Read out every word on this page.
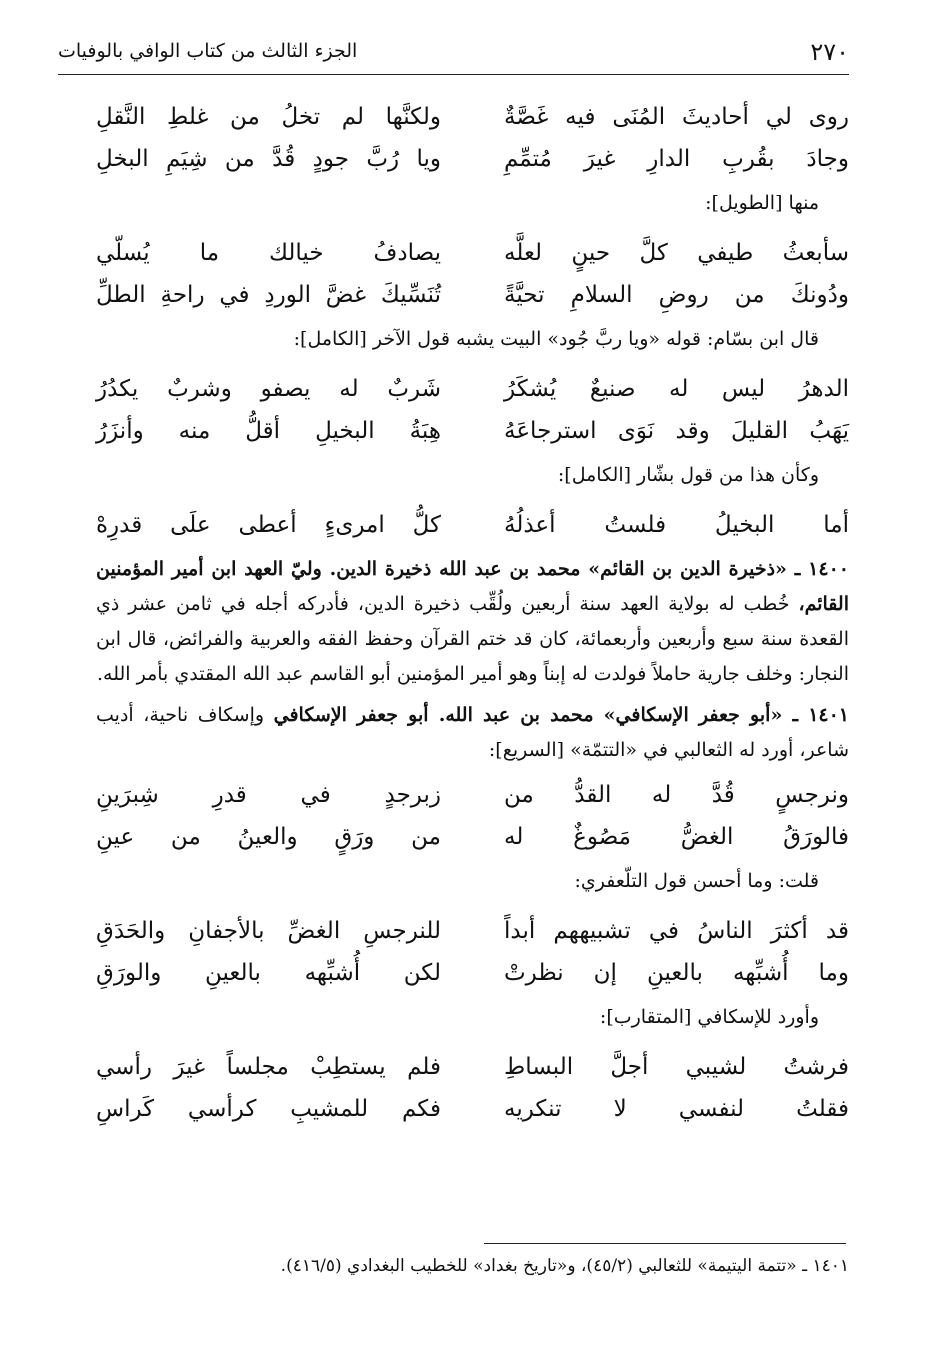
٢٧٠
الجزء الثالث من كتاب الوافي بالوفيات
روى لي أحاديثَ المُنَى فيه غَصَّةٌ
ولكنَّها لم تخلُ من غلطِ النَّقلِ
وجادَ بقُربِ الدارِ غيرَ مُتمِّمِ
ويا رُبَّ جودٍ قُدَّ من شِيَمِ البخلِ
منها [الطويل]:
سأبعثُ طيفي كلَّ حينٍ لعلَّه
يصادفُ خيالك ما يُسلّي
ودُونكَ من روضِ السلامِ تحيَّةً
تُنَسِّيكَ غضَّ الوردِ في راحةِ الطلِّ
قال ابن بسّام: قوله «ويا ربَّ جُود» البيت يشبه قول الآخر [الكامل]:
الدهرُ ليس له صنيعٌ يُشكَرُ
شَربٌ له يصفو وشربٌ يكدُرُ
يَهَبُ القليلَ وقد نَوَى استرجاعَهُ
هِبَةُ البخيلِ أقلُّ منه وأنزَرُ
وكأن هذا من قول بشّار [الكامل]:
أما البخيلُ فلستُ أعذلُهُ
كلُّ امرىءٍ أعطى علَى قدرِهْ
١٤٠٠ ـ «ذخيرة الدين بن القائم» محمد بن عبد الله ذخيرة الدين. وليّ العهد ابن أمير المؤمنين القائم، خُطب له بولاية العهد سنة أربعين ولُقِّب ذخيرة الدين، فأدركه أجله في ثامن عشر ذي القعدة سنة سبع وأربعين وأربعمائة، كان قد ختم القرآن وحفظ الفقه والعربية والفرائض، قال ابن النجار: وخلف جارية حاملاً فولدت له إبناً وهو أمير المؤمنين أبو القاسم عبد الله المقتدي بأمر الله.
١٤٠١ ـ «أبو جعفر الإسكافي» محمد بن عبد الله. أبو جعفر الإسكافي وإسكاف ناحية، أديب شاعر، أورد له الثعالبي في «التتمّة» [السريع]:
ونرجسٍ قُدَّ له القدُّ من
زبرجدٍ في قدرِ شِبرَينِ
فالورَقُ الغضُّ مَصُوغٌ له
من ورَقٍ والعينُ من عينِ
قلت: وما أحسن قول التلّعفري:
قد أكثرَ الناسُ في تشبيههم أبداً
للنرجسِ الغضِّ بالأجفانِ والحَدَقِ
وما أُشبِّهه بالعينِ إن نظرتْ
لكن أُشبِّهه بالعينِ والورَقِ
وأورد للإسكافي [المتقارب]:
فرشتُ لشيبي أجلَّ البساطِ
فلم يستطِبْ مجلساً غيرَ رأسي
فقلتُ لنفسي لا تنكريه
فكم للمشيبِ كرأسي كَراسِ
١٤٠١ ـ «تتمة اليتيمة» للثعالبي (٤٥/٢)، و«تاريخ بغداد» للخطيب البغدادي (٤١٦/٥).
